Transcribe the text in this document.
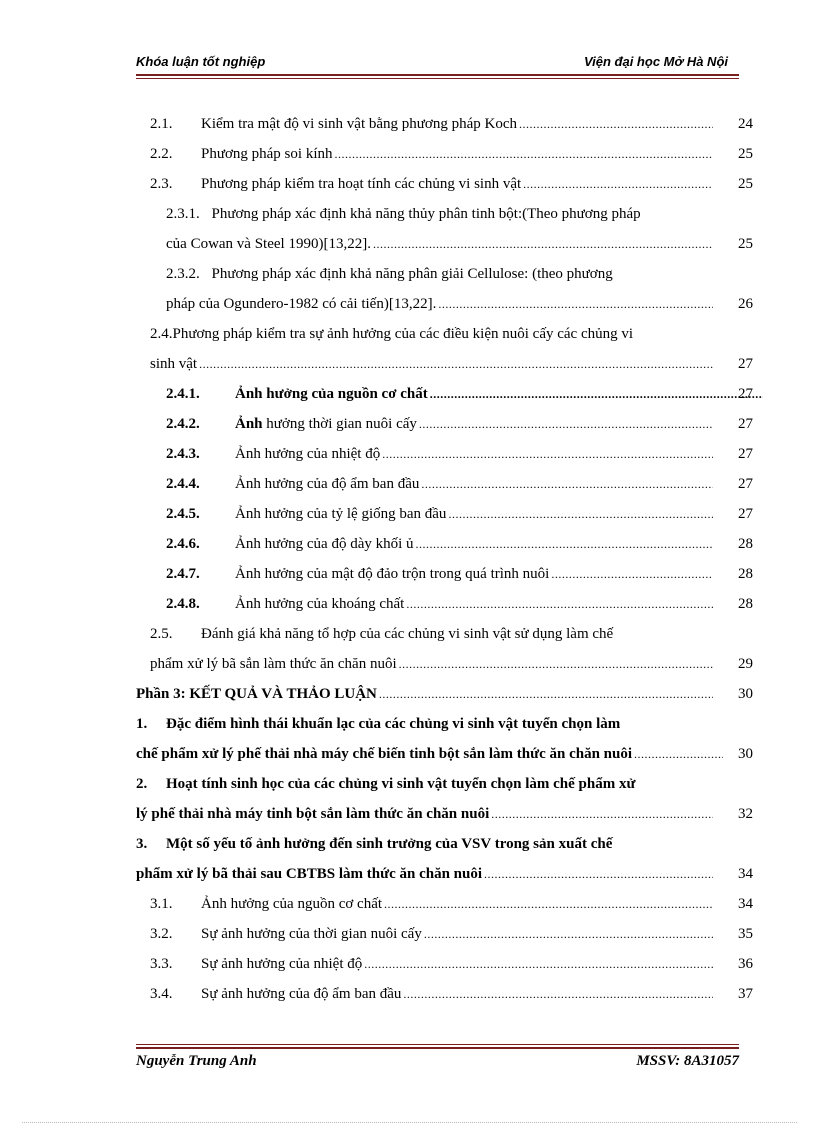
Khóa luận tốt nghiệp	Viện đại học Mở Hà Nội
2.1. Kiểm tra mật độ vi sinh vật bằng phương pháp Koch .....	24
2.2. Phương pháp soi kính .....	25
2.3. Phương pháp kiểm tra hoạt tính các chủng vi sinh vật .....	25
2.3.1. Phương pháp xác định khả năng thủy phân tinh bột:(Theo phương pháp
của Cowan và Steel 1990)[13,22]. .....	25
2.3.2. Phương pháp xác định khả năng phân giải Cellulose: (theo phương
pháp của Ogundero-1982 có cải tiến)[13,22]. .....	26
2.4.Phương pháp kiểm tra sự ảnh hưởng của các điều kiện nuôi cấy các chủng vi
sinh vật .....	27
2.4.1. Ảnh hưởng của nguồn cơ chất .....	27
2.4.2. Ảnh hưởng thời gian nuôi cấy .....	27
2.4.3. Ảnh hưởng của nhiệt độ .....	27
2.4.4. Ảnh hưởng của độ ẩm ban đầu .....	27
2.4.5. Ảnh hưởng của tỷ lệ giống ban đầu .....	27
2.4.6. Ảnh hưởng của độ dày khối ủ .....	28
2.4.7. Ảnh hưởng của mật độ đảo trộn trong quá trình nuôi .....	28
2.4.8. Ảnh hưởng của khoáng chất .....	28
2.5. Đánh giá khả năng tổ hợp của các chủng vi sinh vật sử dụng làm chế
phẩm xử lý bã sắn làm thức ăn chăn nuôi .....	29
Phần 3: KẾT QUẢ VÀ THẢO LUẬN .....	30
1. Đặc điểm hình thái khuẩn lạc của các chủng vi sinh vật tuyển chọn làm
chế phẩm xử lý phế thải nhà máy chế biến tinh bột sắn làm thức ăn chăn nuôi .....	30
2. Hoạt tính sinh học của các chủng vi sinh vật tuyển chọn làm chế phẩm xử
lý phế thải nhà máy tinh bột sắn làm thức ăn chăn nuôi .....	32
3. Một số yếu tố ảnh hưởng đến sinh trưởng của VSV trong sản xuất chế
phẩm xử lý bã thải sau CBTBS làm thức ăn chăn nuôi .....	34
3.1. Ảnh hưởng của nguồn cơ chất .....	34
3.2. Sự ảnh hưởng của thời gian nuôi cấy .....	35
3.3. Sự ảnh hưởng của nhiệt độ .....	36
3.4. Sự ảnh hưởng của độ ẩm ban đầu .....	37
Nguyễn Trung Anh	MSSV: 8A31057
